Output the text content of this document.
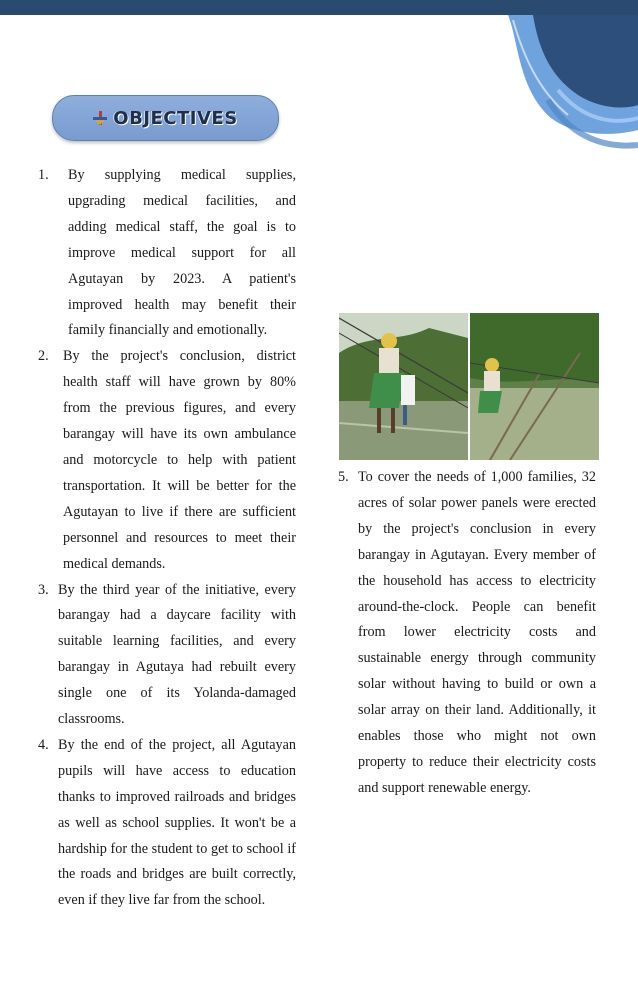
OBJECTIVES
1. By supplying medical supplies, upgrading medical facilities, and adding medical staff, the goal is to improve medical support for all Agutayan by 2023. A patient's improved health may benefit their family financially and emotionally.
2. By the project's conclusion, district health staff will have grown by 80% from the previous figures, and every barangay will have its own ambulance and motorcycle to help with patient transportation. It will be better for the Agutayan to live if there are sufficient personnel and resources to meet their medical demands.
3. By the third year of the initiative, every barangay had a daycare facility with suitable learning facilities, and every barangay in Agutaya had rebuilt every single one of its Yolanda-damaged classrooms.
4. By the end of the project, all Agutayan pupils will have access to education thanks to improved railroads and bridges as well as school supplies. It won't be a hardship for the student to get to school if the roads and bridges are built correctly, even if they live far from the school.
5. To cover the needs of 1,000 families, 32 acres of solar power panels were erected by the project's conclusion in every barangay in Agutayan. Every member of the household has access to electricity around-the-clock. People can benefit from lower electricity costs and sustainable energy through community solar without having to build or own a solar array on their land. Additionally, it enables those who might not own property to reduce their electricity costs and support renewable energy.
